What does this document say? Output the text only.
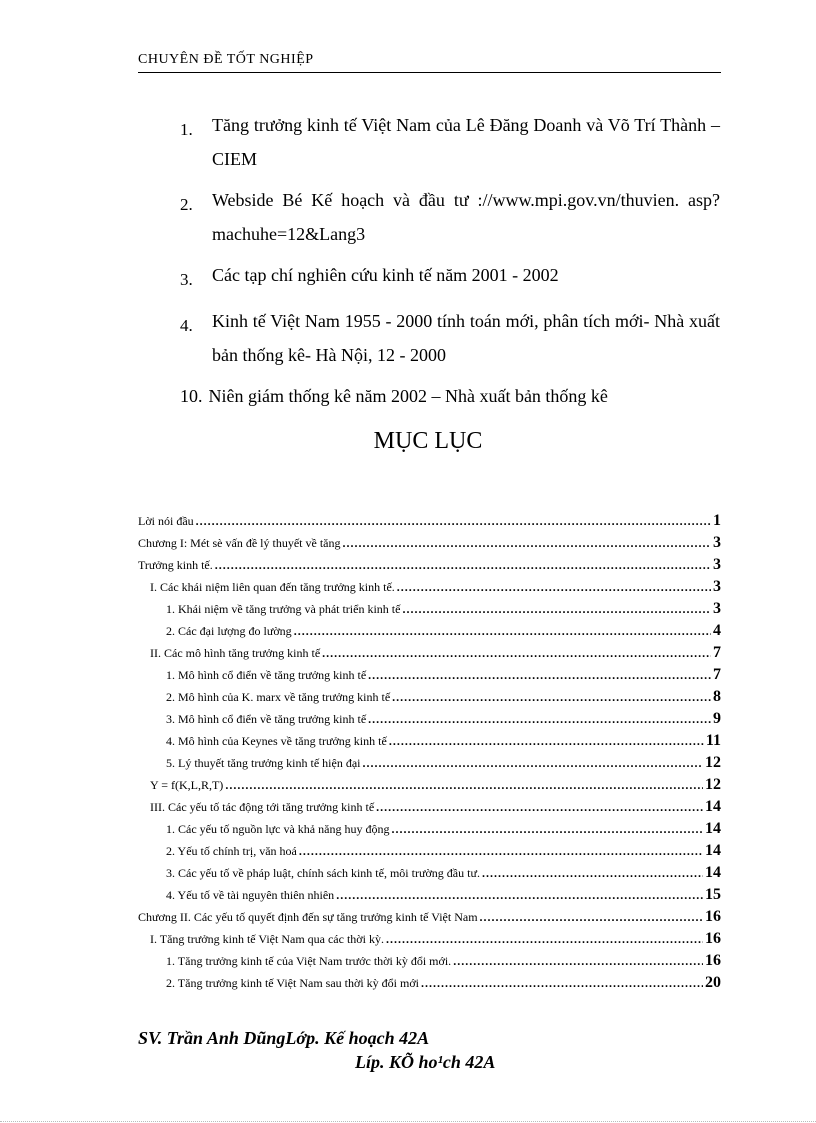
CHUYÊN ĐỀ TỐT NGHIỆP
1.	Tăng trưởng kinh tế Việt Nam của Lê Đăng Doanh và Võ Trí Thành – CIEM
2.	Webside Bé Kế hoạch và đầu tư ://www.mpi.gov.vn/thuvien. asp?machuhe=12&Lang3
3.	Các tạp chí nghiên cứu kinh tế năm 2001 - 2002
4.	Kinh tế Việt Nam 1955 - 2000 tính toán mới, phân tích mới- Nhà xuất bản thống kê- Hà Nội, 12 - 2000
10. Niên giám thống kê năm 2002 – Nhà xuất bản thống kê
MỤC LỤC
Lời nói đầu .....	1
Chương I: Mét sè vấn đề lý thuyết về tăng .....	3
Trưởng kinh tế. .....	3
I. Các khái niệm liên quan đến tăng trưởng kinh tế. .....	3
1. Khái niệm về tăng trưởng và phát triển kinh tế .....	3
2. Các đại lượng đo lường .....	4
II. Các mô hình tăng trưởng kinh tế .....	7
1. Mô hình cổ điển về tăng trưởng kinh tế .....	7
2. Mô hình của K. marx về tăng trưởng kinh tế .....	8
3. Mô hình cổ điển về tăng trưởng kinh tế .....	9
4. Mô hình của Keynes về tăng trưởng kinh tế .....	11
5. Lý thuyết tăng trưởng kinh tế hiện đại .....	12
Y = f(K,L,R,T) .....	12
III. Các yếu tố tác động tới tăng trưởng kinh tế .....	14
1. Các yếu tố nguồn lực và khả năng huy động .....	14
2. Yếu tố chính trị, văn hoá .....	14
3. Các yếu tố về pháp luật, chính sách kinh tế, môi trường đầu tư. .....	14
4. Yếu tố về tài nguyên thiên nhiên .....	15
Chương II. Các yếu tố quyết định đến sự tăng trưởng kinh tế Việt Nam .....	16
I. Tăng trưởng kinh tế Việt Nam qua các thời kỳ. .....	16
1. Tăng trưởng kinh tế của Việt Nam trước thời kỳ đổi mới. .....	16
2. Tăng trưởng kinh tế Việt Nam sau thời kỳ đổi mới .....	20
SV. Trần Anh DũngLớp. Kế hoạch 42A
Líp. KÕ ho¹ch 42A
